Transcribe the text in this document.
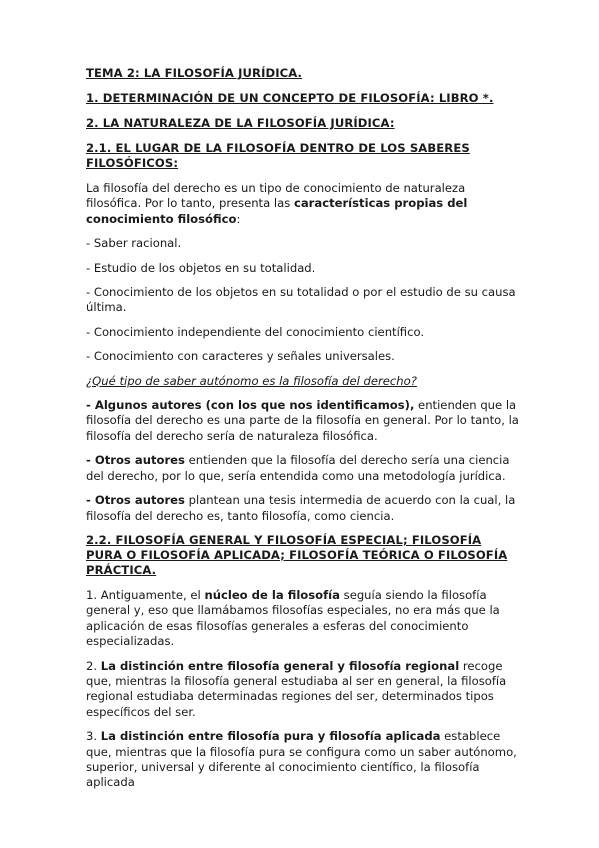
TEMA 2: LA FILOSOFÍA JURÍDICA.
1. DETERMINACIÓN DE UN CONCEPTO DE FILOSOFÍA: LIBRO *.
2. LA NATURALEZA DE LA FILOSOFÍA JURÍDICA:
2.1. EL LUGAR DE LA FILOSOFÍA DENTRO DE LOS SABERES FILOSÓFICOS:

La filosofía del derecho es un tipo de conocimiento de naturaleza filosófica. Por lo tanto, presenta las características propias del conocimiento filosófico:

- Saber racional.

- Estudio de los objetos en su totalidad.

- Conocimiento de los objetos en su totalidad o por el estudio de su causa última.

- Conocimiento independiente del conocimiento científico.

- Conocimiento con caracteres y señales universales.

¿Qué tipo de saber autónomo es la filosofía del derecho?

- Algunos autores (con los que nos identificamos), entienden que la filosofía del derecho es una parte de la filosofía en general. Por lo tanto, la filosofía del derecho sería de naturaleza filosófica.

- Otros autores entienden que la filosofía del derecho sería una ciencia del derecho, por lo que, sería entendida como una metodología jurídica.

- Otros autores plantean una tesis intermedia de acuerdo con la cual, la filosofía del derecho es, tanto filosofía, como ciencia.

2.2. FILOSOFÍA GENERAL Y FILOSOFÍA ESPECIAL; FILOSOFÍA PURA O FILOSOFÍA APLICADA; FILOSOFÍA TEÓRICA O FILOSOFÍA PRÁCTICA.

1. Antiguamente, el núcleo de la filosofía seguía siendo la filosofía general y, eso que llamábamos filosofías especiales, no era más que la aplicación de esas filosofías generales a esferas del conocimiento especializadas.

2. La distinción entre filosofía general y filosofía regional recoge que, mientras la filosofía general estudiaba al ser en general, la filosofía regional estudiaba determinadas regiones del ser, determinados tipos específicos del ser.

3. La distinción entre filosofía pura y filosofía aplicada establece que, mientras que la filosofía pura se configura como un saber autónomo, superior, universal y diferente al conocimiento científico, la filosofía aplicada
